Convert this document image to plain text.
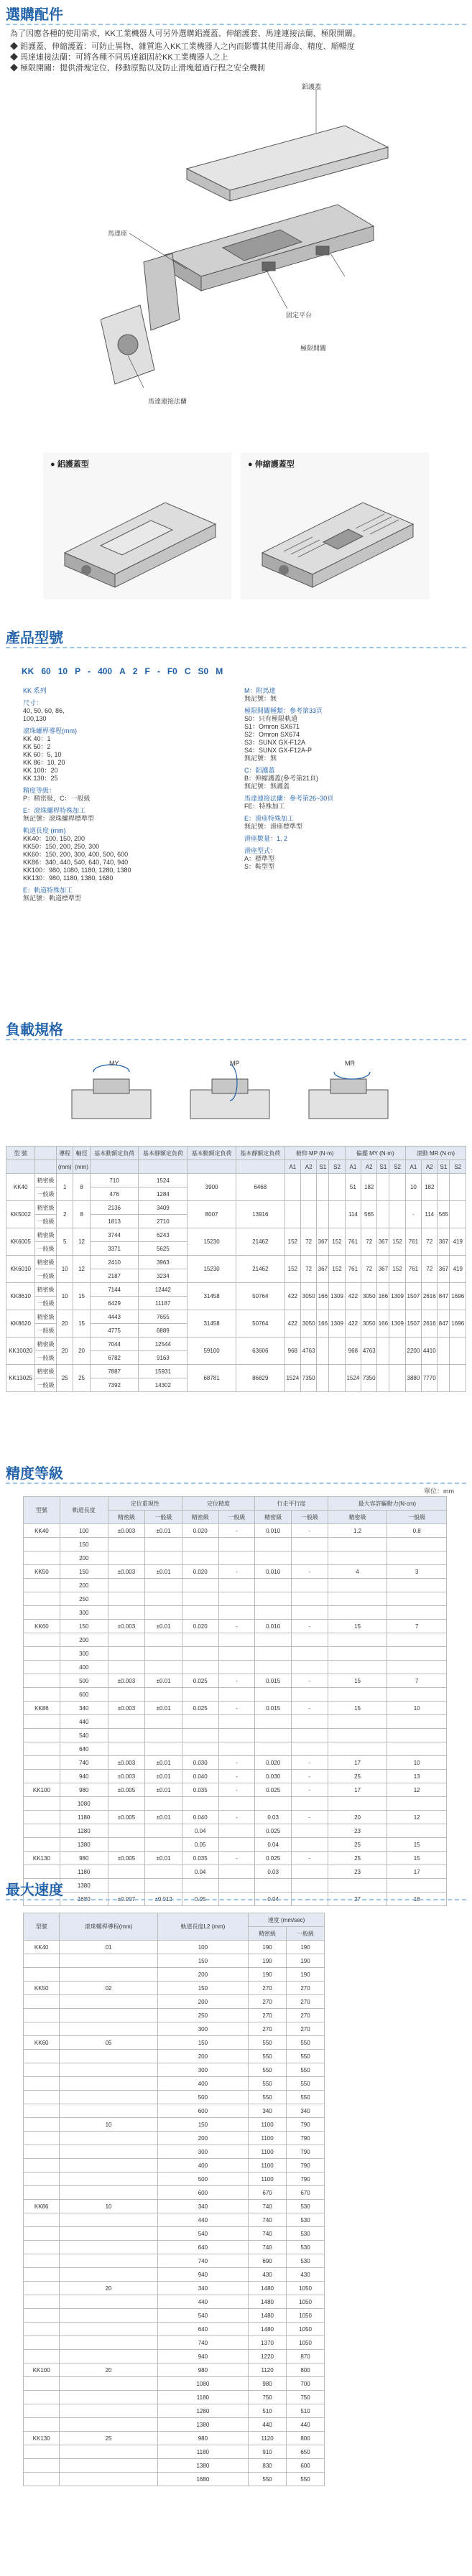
選購配件
為了因應各種的使用需求，KK工業機器人可另外選購鋁護蓋、伸縮護套、馬達連接法蘭、極限開關。
◆ 鋁護蓋、伸縮護蓋：可防止異物、雜質進入KK工業機器人之內而影響其使用壽命、精度、順暢度
◆ 馬達連接法蘭：可將各種不同馬達鎖固於KK工業機器人之上
◆ 極限開關：提供滑塊定位、移動原點以及防止滑塊超過行程之安全機制
鋁護蓋
馬達座
固定平台
極限開關
馬達連接法蘭
● 鋁護蓋型	● 伸縮護蓋型
產品型號
KK 60 10 P - 400 A 2 F - F0 C S0 M
KK 系列
尺寸：
40, 50, 60, 86,
100,130
滾珠螺桿導程(mm)
KK 40：1
KK 50：2
KK 60：5, 10
KK 86：10, 20
KK 100：20
KK 130：25
精度等級：
P：精密級，C：一般級
E：滾珠螺桿特殊加工
無記號：滾珠螺桿標準型
軌道長度 (mm)
KK40：100, 150, 200
KK50：150, 200, 250, 300
KK60：150, 200, 300, 400, 500, 600
KK86：340, 440, 540, 640, 740, 940
KK100：980, 1080, 1180, 1280, 1380
KK130：980, 1180, 1380, 1680
E：軌道特殊加工
無記號：軌道標準型
M：附馬達
無記號：無
極限開關種類：參考第33頁
S0：只有極限軌道
S1：Omron SX671
S2：Omron SX674
S3：SUNX GX-F12A
S4：SUNX GX-F12A-P
無記號：無
C：鋁護蓋
B：伸縮護蓋(參考第21頁)
無記號：無護蓋
馬達連接法蘭：參考第26~30頁
FE：特殊加工
E：滑座特殊加工
無記號：滑座標準型
滑座數量：1, 2
滑座型式：
A：標準型
S：鞍型型
負載規格
MY	MP	MR
型 號		導程	軸徑	基本動額定負荷	基本靜額定負荷	基本動額定負荷	基本靜額定負荷	俯仰 MP (N·m)				偏擺 MY (N·m)				滾動 MR (N·m)			
		(mm)	(mm)					A1	A2	S1	S2	A1	A2	S1	S2	A1	A2	S1	S2
KK40	精密級	1	8	710	1524	3900	6468					51	182			10	182		
	一般級			476	1284														
KK5002	精密級	2	8	2136	3409	8007	13916					114	565			-	114	565	
	一般級			1813	2710														
KK6005	精密級	5	12	3744	6243	15230	21462	152	72	367	152	761	72	367	152	761	72	367	419
	一般級			3371	5625														
KK6010	精密級	10	12	2410	3963	15230	21462	152	72	367	152	761	72	367	152	761	72	367	419
	一般級			2187	3234														
KK8610	精密級	10	15	7144	12442	31458	50764	422	3050	166	1309	422	3050	166	1309	1507	2616	847	1696
	一般級			6429	11187														
KK8620	精密級	20	15	4443	7655	31458	50764	422	3050	166	1309	422	3050	166	1309	1507	2616	847	1696
	一般級			4775	6889														
KK10020	精密級	20	20	7044	12544	59100	63606	968	4763			968	4763			2200	4410		
	一般級			6782	9163														
KK13025	精密級	25	25	7887	15931	68781	86829	1524	7350			1524	7350			3880	7770		
	一般級			7392	14302														
精度等級
單位：mm
型號	軌道長度	定位重現性		定位精度		行走平行度		最大容許驅動力(N·cm)	
		精密級	一般級	精密級	一般級	精密級	一般級	精密級	一般級
KK40	100	±0.003	±0.01	0.020	-	0.010	-	1.2	0.8
	150								
	200								
KK50	150	±0.003	±0.01	0.020	-	0.010	-	4	3
	200								
	250								
	300								
KK60	150	±0.003	±0.01	0.020	-	0.010	-	15	7
	200								
	300								
	400								
	500	±0.003	±0.01	0.025	-	0.015	-	15	7
	600								
KK86	340	±0.003	±0.01	0.025	-	0.015	-	15	10
	440								
	540								
	640								
	740	±0.003	±0.01	0.030	-	0.020	-	17	10
	940	±0.003	±0.01	0.040	-	0.030	-	25	13
KK100	980	±0.005	±0.01	0.035	-	0.025	-	17	12
	1080								
	1180	±0.005	±0.01	0.040	-	0.03	-	20	12
	1280			0.04		0.025		23	
	1380			0.05		0.04		25	15
KK130	980	±0.005	±0.01	0.035	-	0.025	-	25	15
	1180			0.04		0.03		23	17
	1380								
	1680	±0.007	±0.012	0.05	-	0.04	-	27	18
最大速度
型號	滾珠螺桿導程(mm)	軌道長度L2 (mm)	速度 (mm/sec)	
			精密級	一般級
KK40	01	100	190	190
		150	190	190
		200	190	190
KK50	02	150	270	270
		200	270	270
		250	270	270
		300	270	270
KK60	05	150	550	550
		200	550	550
		300	550	550
		400	550	550
		500	550	550
		600	340	340
	10	150	1100	790
		200	1100	790
		300	1100	790
		400	1100	790
		500	1100	790
		600	670	670
KK86	10	340	740	530
		440	740	530
		540	740	530
		640	740	530
		740	690	530
		940	430	430
	20	340	1480	1050
		440	1480	1050
		540	1480	1050
		640	1480	1050
		740	1370	1050
		940	1220	870
KK100	20	980	1120	800
		1080	980	700
		1180	750	750
		1280	510	510
		1380	440	440
KK130	25	980	1120	800
		1180	910	650
		1380	830	600
		1680	550	550
